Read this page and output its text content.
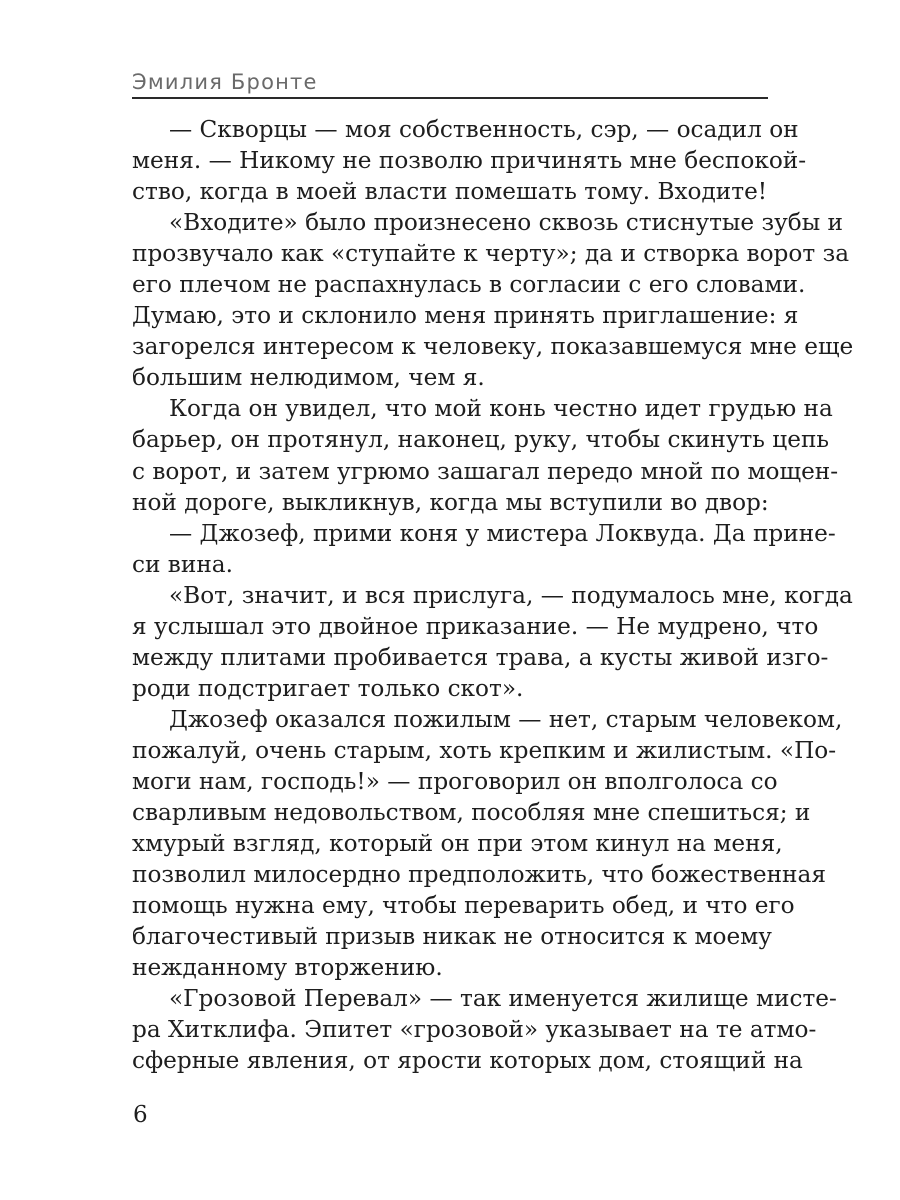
Эмилия Бронте
— Скворцы — моя собственность, сэр, — осадил он
меня. — Никому не позволю причинять мне беспокой-
ство, когда в моей власти помешать тому. Входите!
«Входите» было произнесено сквозь стиснутые зубы и
прозвучало как «ступайте к черту»; да и створка ворот за
его плечом не распахнулась в согласии с его словами.
Думаю, это и склонило меня принять приглашение: я
загорелся интересом к человеку, показавшемуся мне еще
большим нелюдимом, чем я.
Когда он увидел, что мой конь честно идет грудью на
барьер, он протянул, наконец, руку, чтобы скинуть цепь
с ворот, и затем угрюмо зашагал передо мной по мощен-
ной дороге, выкликнув, когда мы вступили во двор:
— Джозеф, прими коня у мистера Локвуда. Да прине-
си вина.
«Вот, значит, и вся прислуга, — подумалось мне, когда
я услышал это двойное приказание. — Не мудрено, что
между плитами пробивается трава, а кусты живой изго-
роди подстригает только скот».
Джозеф оказался пожилым — нет, старым человеком,
пожалуй, очень старым, хоть крепким и жилистым. «По-
моги нам, господь!» — проговорил он вполголоса со
сварливым недовольством, пособляя мне спешиться; и
хмурый взгляд, который он при этом кинул на меня,
позволил милосердно предположить, что божественная
помощь нужна ему, чтобы переварить обед, и что его
благочестивый призыв никак не относится к моему
нежданному вторжению.
«Грозовой Перевал» — так именуется жилище мисте-
ра Хитклифа. Эпитет «грозовой» указывает на те атмо-
сферные явления, от ярости которых дом, стоящий на
6
